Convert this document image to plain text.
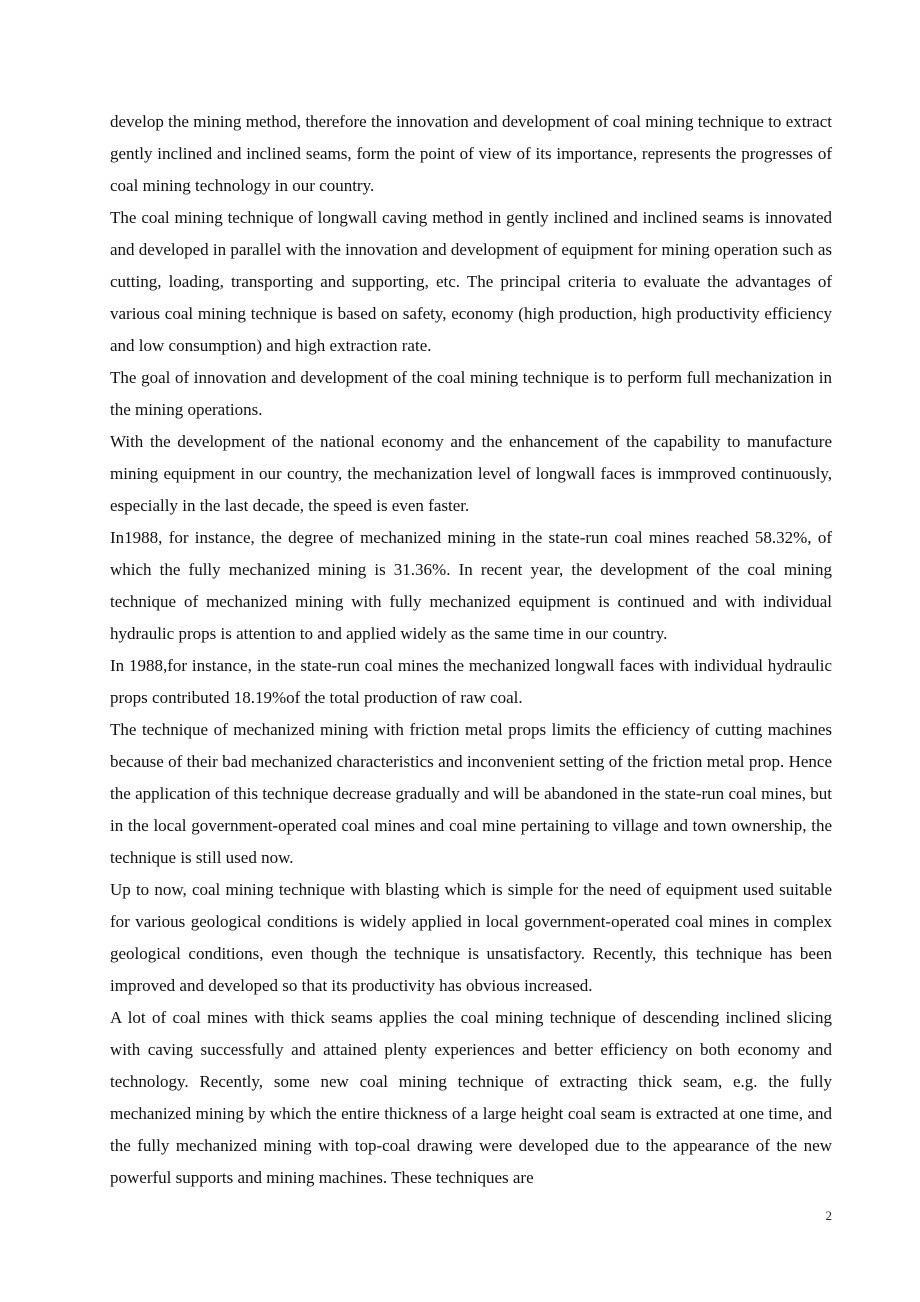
develop the mining method, therefore the innovation and development of coal mining technique to extract gently inclined and inclined seams, form the point of view of its importance, represents the progresses of coal mining technology in our country.

The coal mining technique of longwall caving method in gently inclined and inclined seams is innovated and developed in parallel with the innovation and development of equipment for mining operation such as cutting, loading, transporting and supporting, etc. The principal criteria to evaluate the advantages of various coal mining technique is based on safety, economy (high production, high productivity efficiency and low consumption) and high extraction rate.

The goal of innovation and development of the coal mining technique is to perform full mechanization in the mining operations.

With the development of the national economy and the enhancement of the capability to manufacture mining equipment in our country, the mechanization level of longwall faces is immproved continuously, especially in the last decade, the speed is even faster.

In1988, for instance, the degree of mechanized mining in the state-run coal mines reached 58.32%, of which the fully mechanized mining is 31.36%. In recent year, the development of the coal mining technique of mechanized mining with fully mechanized equipment is continued and with individual hydraulic props is attention to and applied widely as the same time in our country.

In 1988,for instance, in the state-run coal mines the mechanized longwall faces with individual hydraulic props contributed 18.19%of the total production of raw coal.

The technique of mechanized mining with friction metal props limits the efficiency of cutting machines because of their bad mechanized characteristics and inconvenient setting of the friction metal prop. Hence the application of this technique decrease gradually and will be abandoned in the state-run coal mines, but in the local government-operated coal mines and coal mine pertaining to village and town ownership, the technique is still used now.

Up to now, coal mining technique with blasting which is simple for the need of equipment used suitable for various geological conditions is widely applied in local government-operated coal mines in complex geological conditions, even though the technique is unsatisfactory. Recently, this technique has been improved and developed so that its productivity has obvious increased.

A lot of coal mines with thick seams applies the coal mining technique of descending inclined slicing with caving successfully and attained plenty experiences and better efficiency on both economy and technology. Recently, some new coal mining technique of extracting thick seam, e.g. the fully mechanized mining by which the entire thickness of a large height coal seam is extracted at one time, and the fully mechanized mining with top-coal drawing were developed due to the appearance of the new powerful supports and mining machines. These techniques are

2
